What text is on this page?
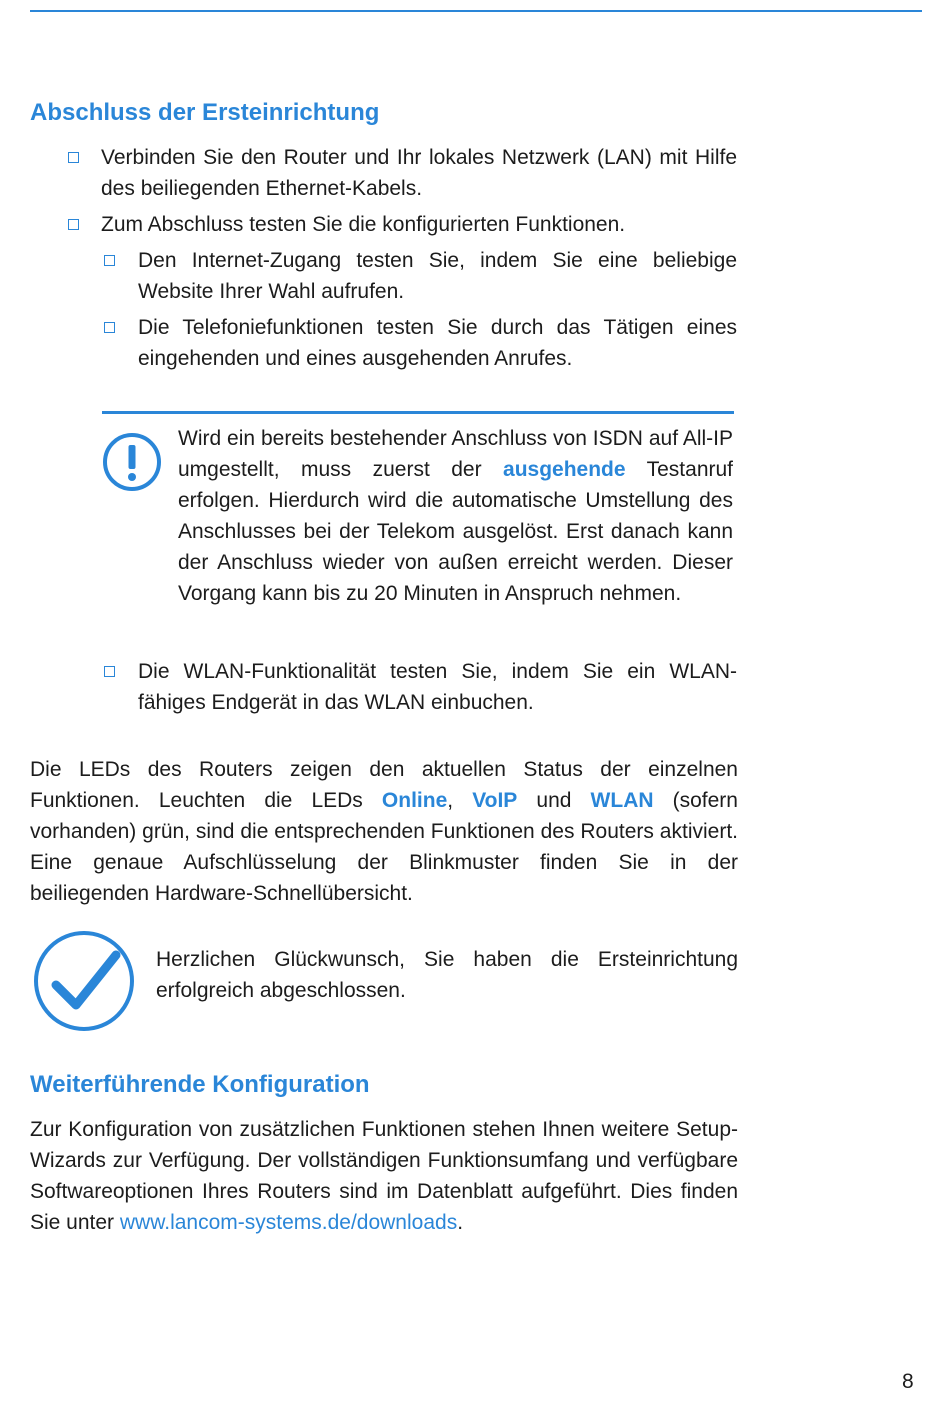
Abschluss der Ersteinrichtung
Verbinden Sie den Router und Ihr lokales Netzwerk (LAN) mit Hilfe des beiliegenden Ethernet-Kabels.
Zum Abschluss testen Sie die konfigurierten Funktionen.
Den Internet-Zugang testen Sie, indem Sie eine beliebige Website Ihrer Wahl aufrufen.
Die Telefoniefunktionen testen Sie durch das Tätigen eines eingehenden und eines ausgehenden Anrufes.

Wird ein bereits bestehender Anschluss von ISDN auf All-IP umgestellt, muss zuerst der ausgehende Testanruf erfolgen. Hierdurch wird die automatische Umstellung des Anschlusses bei der Telekom ausgelöst. Erst danach kann der Anschluss wieder von außen erreicht werden. Dieser Vorgang kann bis zu 20 Minuten in Anspruch nehmen.

Die WLAN-Funktionalität testen Sie, indem Sie ein WLAN-fähiges Endgerät in das WLAN einbuchen.

Die LEDs des Routers zeigen den aktuellen Status der einzelnen Funktionen. Leuchten die LEDs Online, VoIP und WLAN (sofern vorhanden) grün, sind die entsprechenden Funktionen des Routers aktiviert. Eine genaue Aufschlüsselung der Blinkmuster finden Sie in der beiliegenden Hardware-Schnellübersicht.

Herzlichen Glückwunsch, Sie haben die Ersteinrichtung erfolgreich abgeschlossen.

Weiterführende Konfiguration

Zur Konfiguration von zusätzlichen Funktionen stehen Ihnen weitere Setup-Wizards zur Verfügung. Der vollständigen Funktionsumfang und verfügbare Softwareoptionen Ihres Routers sind im Datenblatt aufgeführt. Dies finden Sie unter www.lancom-systems.de/downloads.

8
